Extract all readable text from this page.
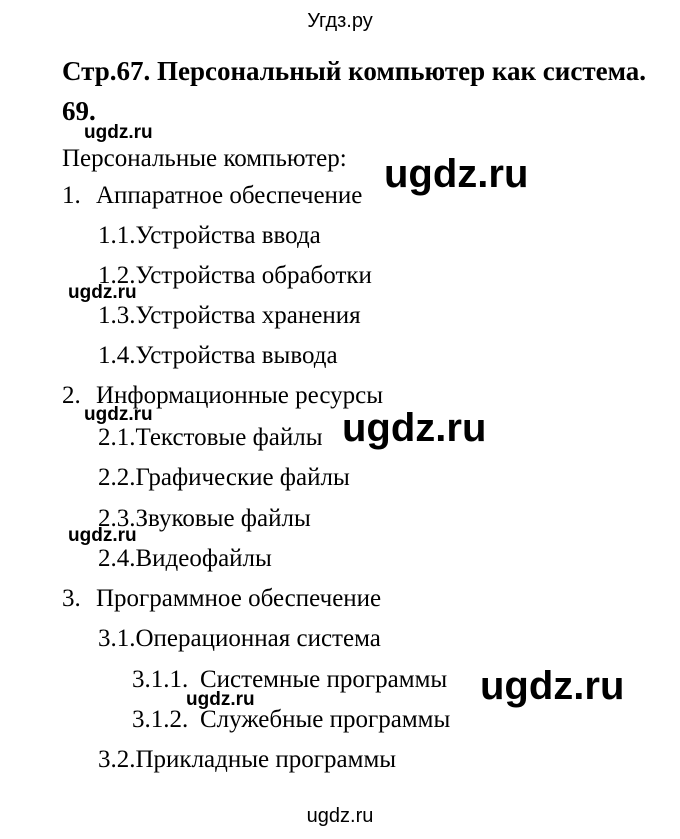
Угдз.ру
Стр.67. Персональный компьютер как система.
69.
Персональные компьютер:
1. Аппаратное обеспечение
1.1.Устройства ввода
1.2.Устройства обработки
1.3.Устройства хранения
1.4.Устройства вывода
2. Информационные ресурсы
2.1.Текстовые файлы
2.2.Графические файлы
2.3.Звуковые файлы
2.4.Видеофайлы
3. Программное обеспечение
3.1.Операционная система
3.1.1. Системные программы
3.1.2. Служебные программы
3.2.Прикладные программы
ugdz.ru
ugdz.ru
ugdz.ru
ugdz.ru	ugdz.ru
ugdz.ru
ugdz.ru
ugdz.ru
ugdz.ru
